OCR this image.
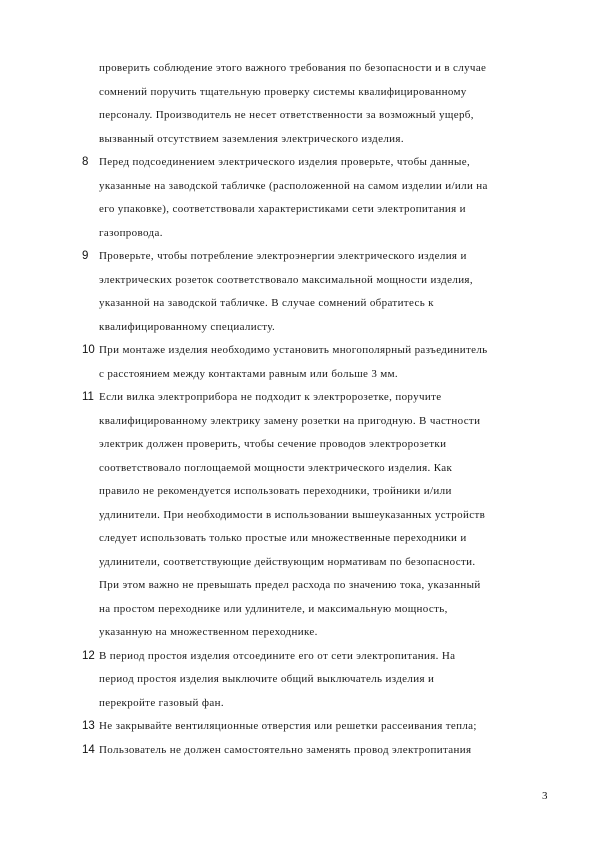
проверить соблюдение этого важного требования по безопасности и в случае
сомнений поручить тщательную проверку системы квалифицированному
персоналу. Производитель не несет ответственности за возможный ущерб,
вызванный отсутствием заземления электрического изделия.
8 Перед подсоединением электрического изделия проверьте, чтобы данные,
указанные на заводской табличке (расположенной на самом изделии и/или на
его упаковке), соответствовали характеристиками сети электропитания и
газопровода.
9 Проверьте, чтобы потребление электроэнергии электрического изделия и
электрических розеток соответствовало максимальной мощности изделия,
указанной на заводской табличке. В случае сомнений обратитесь к
квалифицированному специалисту.
10 При монтаже изделия необходимо установить многополярный разъединитель
с расстоянием между контактами равным или больше 3 мм.
11 Если вилка электроприбора не подходит к электророзетке, поручите
квалифицированному электрику замену розетки на пригодную. В частности
электрик должен проверить, чтобы сечение проводов электророзетки
соответствовало поглощаемой мощности электрического изделия. Как
правило не рекомендуется использовать переходники, тройники и/или
удлинители. При необходимости в использовании вышеуказанных устройств
следует использовать только простые или множественные переходники и
удлинители, соответствующие действующим нормативам по безопасности.
При этом важно не превышать предел расхода по значению тока, указанный
на простом переходнике или удлинителе, и максимальную мощность,
указанную на множественном переходнике.
12 В период простоя изделия отсоедините его от сети электропитания. На
период простоя изделия выключите общий выключатель изделия и
перекройте газовый фан.
13 Не закрывайте вентиляционные отверстия или решетки рассеивания тепла;
14 Пользователь не должен самостоятельно заменять провод электропитания
3
